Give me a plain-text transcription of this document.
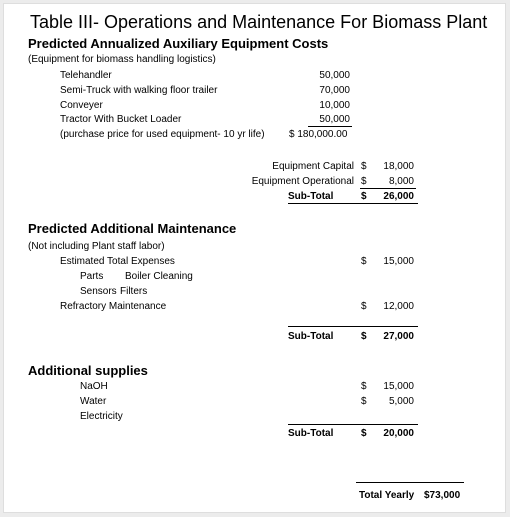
Table III- Operations and Maintenance For Biomass Plant
Predicted Annualized Auxiliary Equipment Costs
(Equipment for biomass handling logistics)
Telehandler	50,000
Semi-Truck with walking floor trailer	70,000
Conveyer	10,000
Tractor With Bucket Loader	50,000
(purchase price for used equipment- 10 yr life) $ 180,000.00
Equipment Capital $	18,000
Equipment Operational $	8,000
Sub-Total	$	26,000
Predicted Additional Maintenance
(Not including Plant staff labor)
Estimated Total Expenses	$	15,000
Parts Boiler Cleaning
Sensors Filters
Refractory Maintenance	$	12,000
Sub-Total	$	27,000
Additional supplies
NaOH	$	15,000
Water	$	5,000
Electricity
Sub-Total	$	20,000
Total Yearly $73,000
